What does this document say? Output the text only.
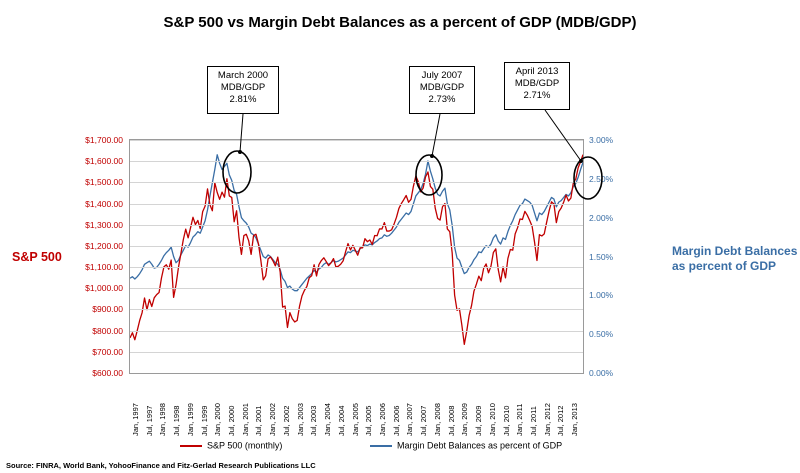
S&P 500 vs Margin Debt Balances as a percent of GDP (MDB/GDP)
S&P 500	Margin Debt Balances
as percent of GDP
$1,700.00
$1,600.00
$1,500.00
$1,400.00
$1,300.00
$1,200.00
$1,100.00
$1,000.00
$900.00
$800.00
$700.00
$600.00
3.00%
2.50%
2.00%
1.50%
1.00%
0.50%
0.00%
Jan, 1997 Jul, 1997 Jan, 1998 Jul, 1998 Jan, 1999 Jul, 1999 Jan, 2000 Jul, 2000 Jan, 2001 Jul, 2001 Jan, 2002 Jul, 2002 Jan, 2003 Jul, 2003 Jan, 2004 Jul, 2004 Jan, 2005 Jul, 2005 Jan, 2006 Jul, 2006 Jan, 2007 Jul, 2007 Jan, 2008 Jul, 2008 Jan, 2009 Jul, 2009 Jan, 2010 Jul, 2010 Jan, 2011 Jul, 2011 Jan, 2012 Jul, 2012 Jan, 2013
March 2000
MDB/GDP
2.81%
July 2007
MDB/GDP
2.73%
April 2013
MDB/GDP
2.71%
S&P 500 (monthly)	Margin Debt Balances as percent of GDP
Source: FINRA, World Bank, YohooFinance and Fitz-Gerlad Research Publications LLC
